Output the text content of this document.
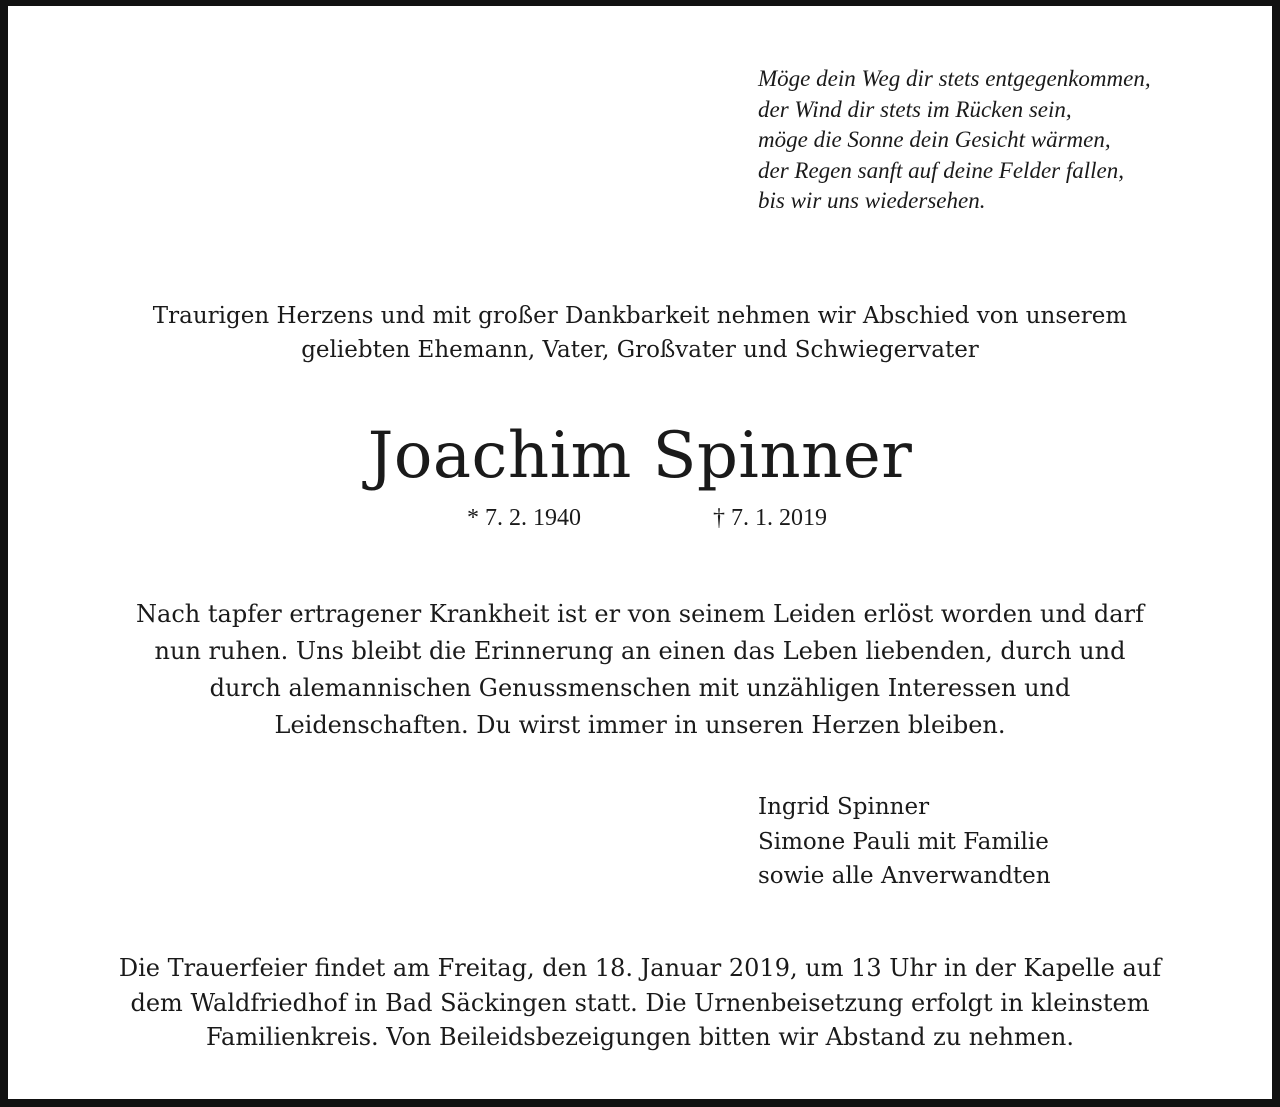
Möge dein Weg dir stets entgegenkommen,
der Wind dir stets im Rücken sein,
möge die Sonne dein Gesicht wärmen,
der Regen sanft auf deine Felder fallen,
bis wir uns wiedersehen.
Traurigen Herzens und mit großer Dankbarkeit nehmen wir Abschied von unserem
geliebten Ehemann, Vater, Großvater und Schwiegervater
Joachim Spinner
* 7. 2. 1940	† 7. 1. 2019
Nach tapfer ertragener Krankheit ist er von seinem Leiden erlöst worden und darf
nun ruhen. Uns bleibt die Erinnerung an einen das Leben liebenden, durch und
durch alemannischen Genussmenschen mit unzähligen Interessen und
Leidenschaften. Du wirst immer in unseren Herzen bleiben.
Ingrid Spinner
Simone Pauli mit Familie
sowie alle Anverwandten
Die Trauerfeier findet am Freitag, den 18. Januar 2019, um 13 Uhr in der Kapelle auf
dem Waldfriedhof in Bad Säckingen statt. Die Urnenbeisetzung erfolgt in kleinstem
Familienkreis. Von Beileidsbezeigungen bitten wir Abstand zu nehmen.
